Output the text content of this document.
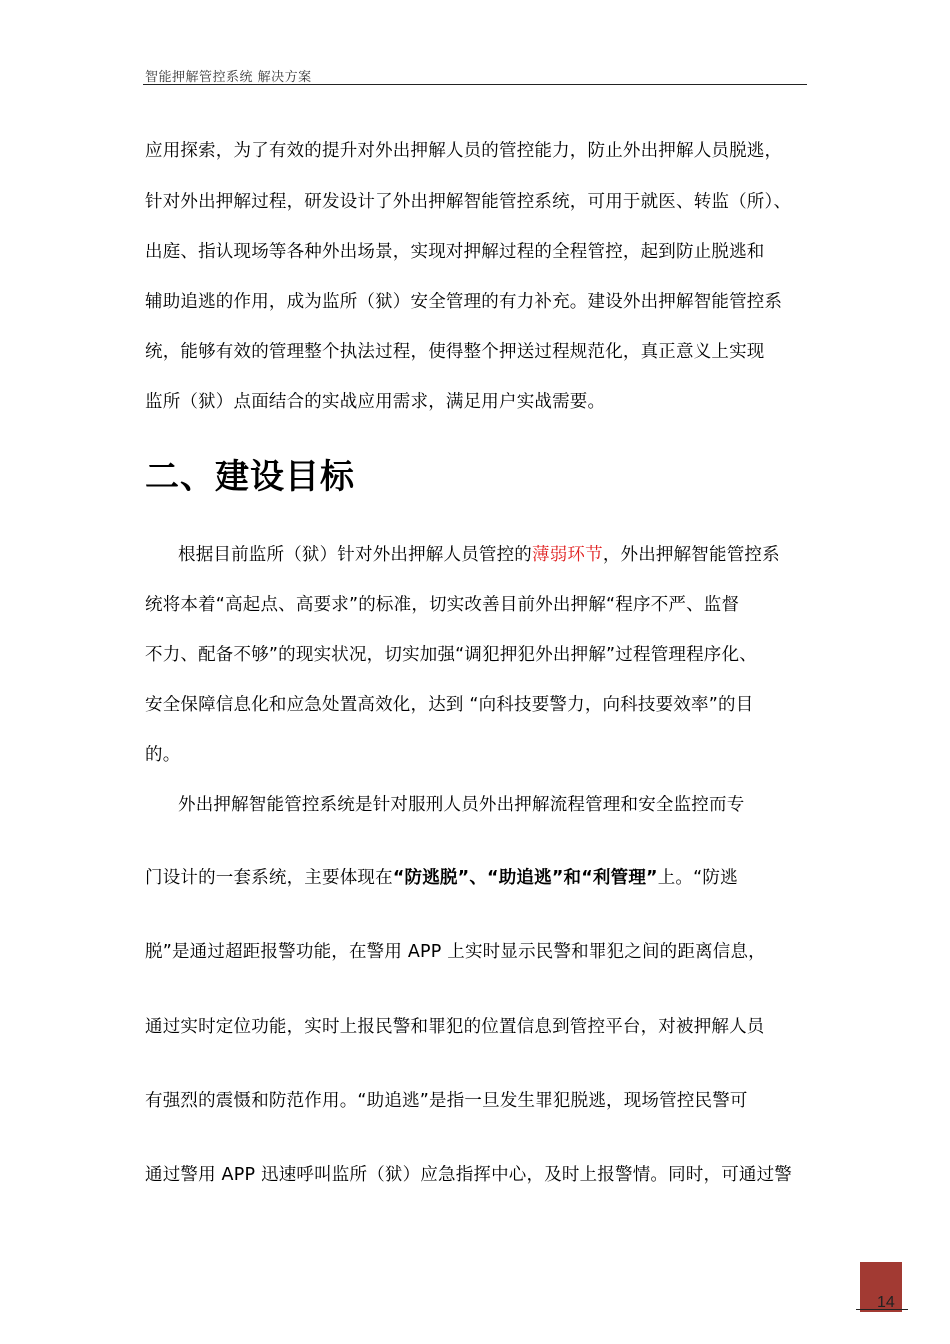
智能押解管控系统 解决方案
应用探索，为了有效的提升对外出押解人员的管控能力，防止外出押解人员脱逃，
针对外出押解过程，研发设计了外出押解智能管控系统，可用于就医、转监（所）、
出庭、指认现场等各种外出场景，实现对押解过程的全程管控，起到防止脱逃和
辅助追逃的作用，成为监所（狱）安全管理的有力补充。建设外出押解智能管控系
统，能够有效的管理整个执法过程，使得整个押送过程规范化，真正意义上实现
监所（狱）点面结合的实战应用需求，满足用户实战需要。
二、建设目标
根据目前监所（狱）针对外出押解人员管控的薄弱环节，外出押解智能管控系
统将本着“高起点、高要求”的标准，切实改善目前外出押解“程序不严、监督
不力、配备不够”的现实状况，切实加强“调犯押犯外出押解”过程管理程序化、
安全保障信息化和应急处置高效化，达到 “向科技要警力，向科技要效率”的目
的。
外出押解智能管控系统是针对服刑人员外出押解流程管理和安全监控而专
门设计的一套系统，主要体现在“防逃脱”、“助追逃”和“利管理”上。“防逃
脱”是通过超距报警功能，在警用 APP 上实时显示民警和罪犯之间的距离信息，
通过实时定位功能，实时上报民警和罪犯的位置信息到管控平台，对被押解人员
有强烈的震慑和防范作用。“助追逃”是指一旦发生罪犯脱逃，现场管控民警可
通过警用 APP 迅速呼叫监所（狱）应急指挥中心，及时上报警情。同时，可通过警
14
